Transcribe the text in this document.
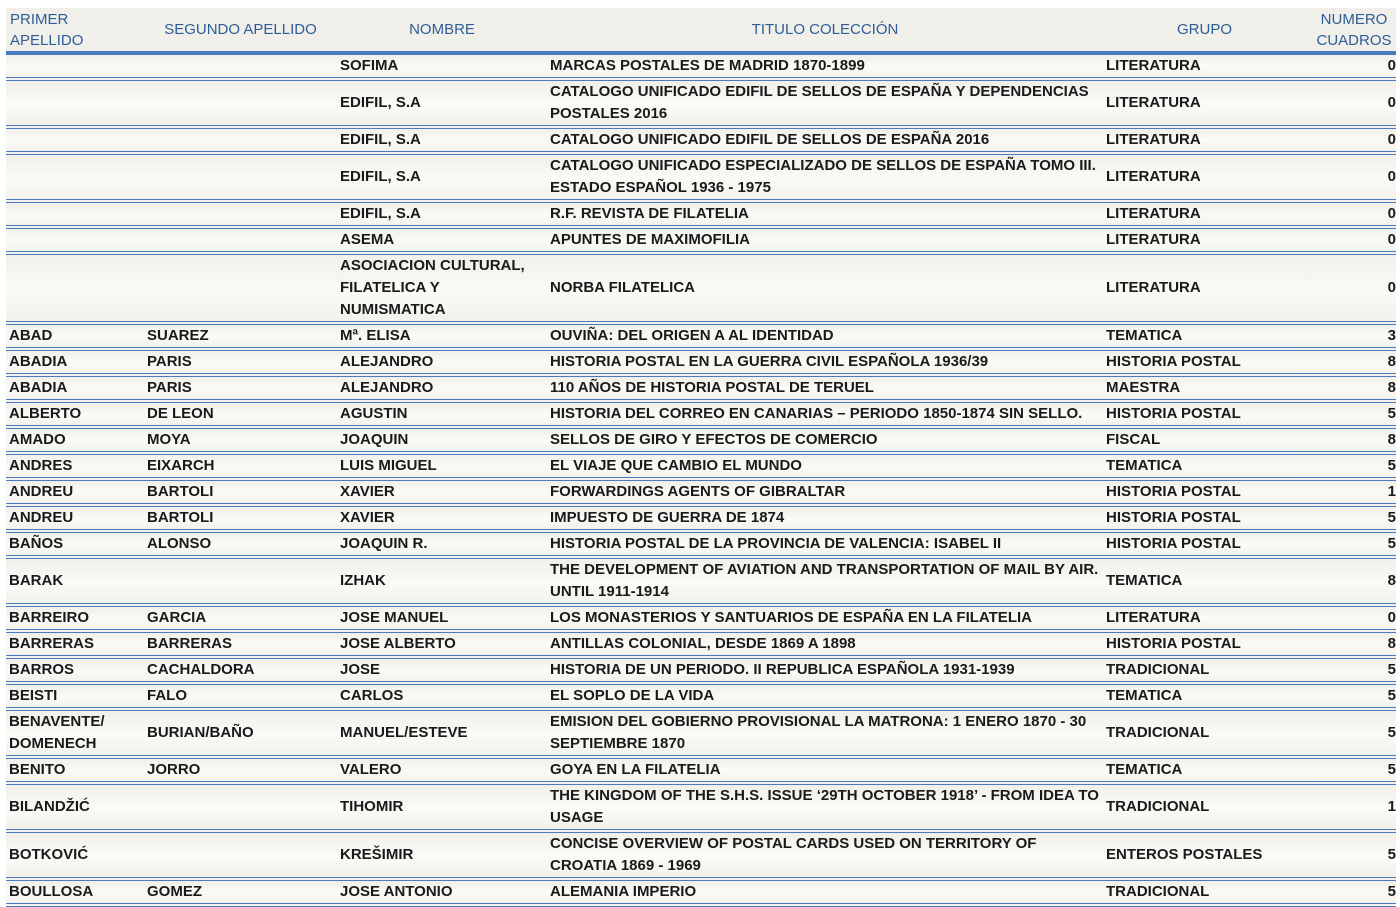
PRIMER APELLIDO	SEGUNDO APELLIDO	NOMBRE	TITULO COLECCIÓN	GRUPO	NUMERO
CUADROS
		SOFIMA	MARCAS POSTALES DE MADRID 1870-1899	LITERATURA	0
		EDIFIL, S.A	CATALOGO UNIFICADO EDIFIL DE SELLOS DE ESPAÑA Y DEPENDENCIAS POSTALES 2016	LITERATURA	0
		EDIFIL, S.A	CATALOGO UNIFICADO EDIFIL DE SELLOS DE ESPAÑA 2016	LITERATURA	0
		EDIFIL, S.A	CATALOGO UNIFICADO ESPECIALIZADO DE SELLOS DE ESPAÑA TOMO III. ESTADO ESPAÑOL 1936 - 1975	LITERATURA	0
		EDIFIL, S.A	R.F. REVISTA DE FILATELIA	LITERATURA	0
		ASEMA	APUNTES DE MAXIMOFILIA	LITERATURA	0
		ASOCIACION CULTURAL, FILATELICA Y NUMISMATICA	NORBA FILATELICA	LITERATURA	0
ABAD	SUAREZ	Mª. ELISA	OUVIÑA: DEL ORIGEN A AL IDENTIDAD	TEMATICA	3
ABADIA	PARIS	ALEJANDRO	HISTORIA POSTAL EN LA GUERRA CIVIL ESPAÑOLA 1936/39	HISTORIA POSTAL	8
ABADIA	PARIS	ALEJANDRO	110 AÑOS DE HISTORIA POSTAL DE TERUEL	MAESTRA	8
ALBERTO	DE LEON	AGUSTIN	HISTORIA DEL CORREO EN CANARIAS – PERIODO 1850-1874 SIN SELLO.	HISTORIA POSTAL	5
AMADO	MOYA	JOAQUIN	SELLOS DE GIRO Y EFECTOS DE COMERCIO	FISCAL	8
ANDRES	EIXARCH	LUIS MIGUEL	EL VIAJE QUE CAMBIO EL MUNDO	TEMATICA	5
ANDREU	BARTOLI	XAVIER	FORWARDINGS AGENTS OF GIBRALTAR	HISTORIA POSTAL	1
ANDREU	BARTOLI	XAVIER	IMPUESTO DE GUERRA DE 1874	HISTORIA POSTAL	5
BAÑOS	ALONSO	JOAQUIN R.	HISTORIA POSTAL DE LA PROVINCIA DE VALENCIA: ISABEL II	HISTORIA POSTAL	5
BARAK		IZHAK	THE DEVELOPMENT OF AVIATION AND TRANSPORTATION OF MAIL BY AIR. UNTIL 1911-1914	TEMATICA	8
BARREIRO	GARCIA	JOSE MANUEL	LOS MONASTERIOS Y SANTUARIOS DE ESPAÑA EN LA FILATELIA	LITERATURA	0
BARRERAS	BARRERAS	JOSE ALBERTO	ANTILLAS COLONIAL, DESDE 1869 A 1898	HISTORIA POSTAL	8
BARROS	CACHALDORA	JOSE	HISTORIA DE UN PERIODO. II REPUBLICA ESPAÑOLA 1931-1939	TRADICIONAL	5
BEISTI	FALO	CARLOS	EL SOPLO DE LA VIDA	TEMATICA	5
BENAVENTE/ DOMENECH	BURIAN/BAÑO	MANUEL/ESTEVE	EMISION DEL GOBIERNO PROVISIONAL LA MATRONA: 1 ENERO 1870 - 30 SEPTIEMBRE 1870	TRADICIONAL	5
BENITO	JORRO	VALERO	GOYA EN LA FILATELIA	TEMATICA	5
BILANDŽIĆ		TIHOMIR	THE KINGDOM OF THE S.H.S. ISSUE ‘29TH OCTOBER 1918’ - FROM IDEA TO USAGE	TRADICIONAL	1
BOTKOVIĆ		KREŠIMIR	CONCISE OVERVIEW OF POSTAL CARDS USED ON TERRITORY OF CROATIA 1869 - 1969	ENTEROS POSTALES	5
BOULLOSA	GOMEZ	JOSE ANTONIO	ALEMANIA IMPERIO	TRADICIONAL	5
